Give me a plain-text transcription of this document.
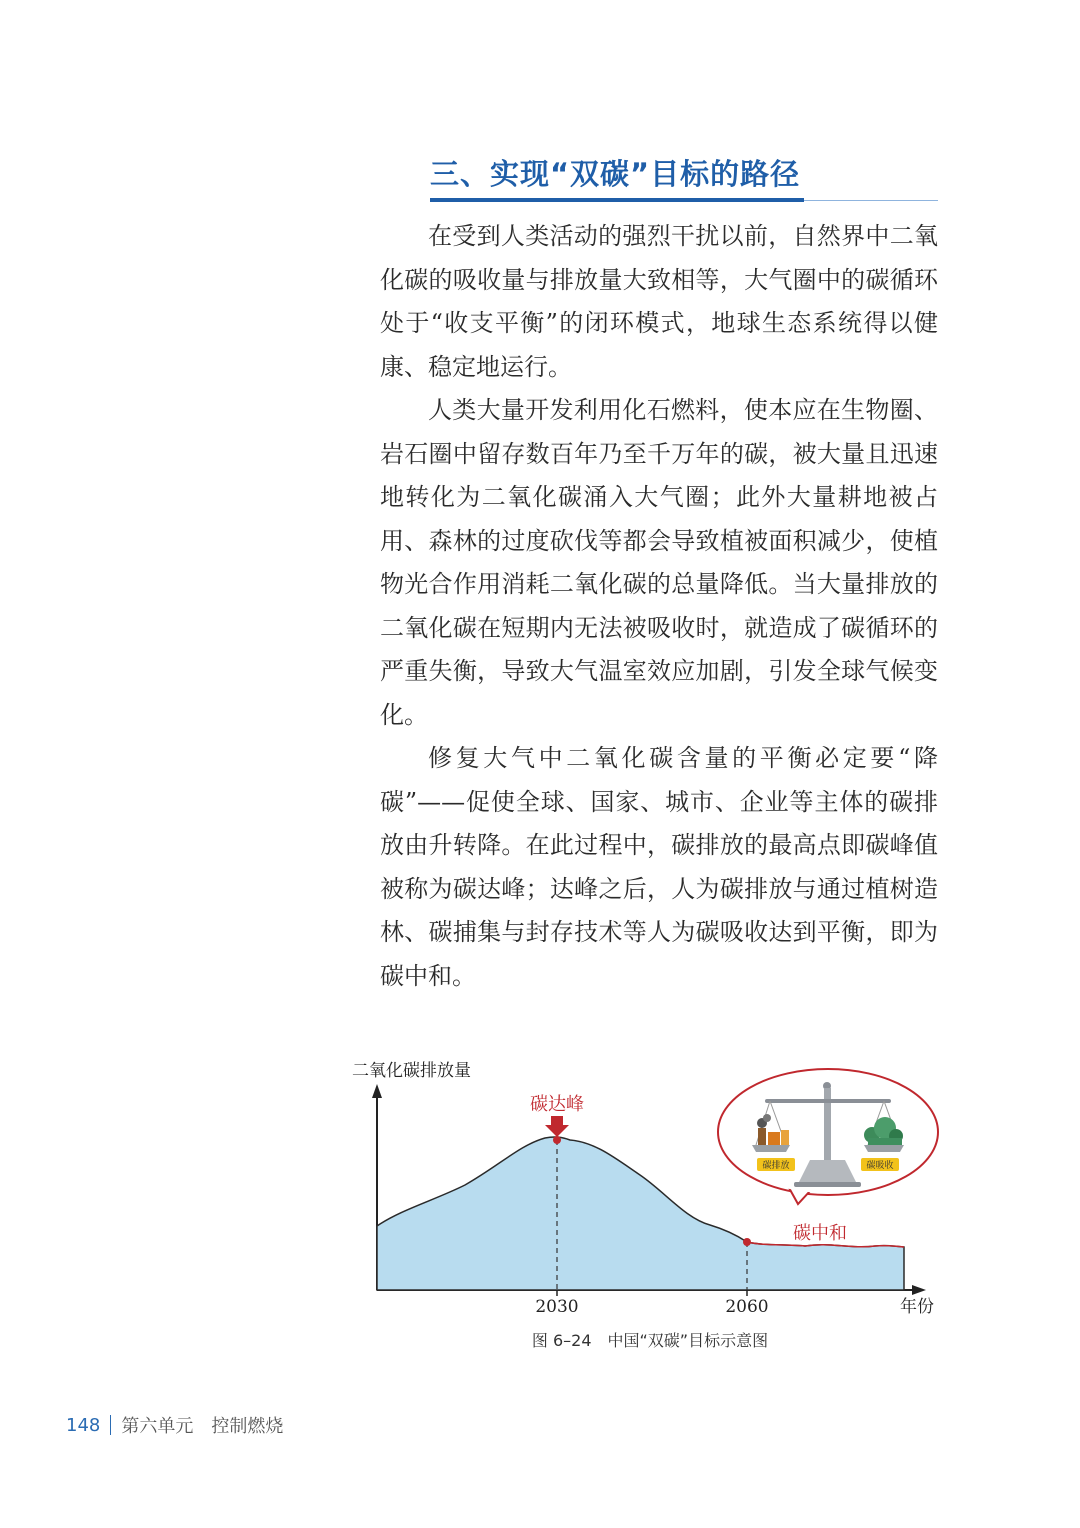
三、实现“双碳”目标的路径

在受到人类活动的强烈干扰以前，自然界中二氧化碳的吸收量与排放量大致相等，大气圈中的碳循环处于“收支平衡”的闭环模式，地球生态系统得以健康、稳定地运行。

人类大量开发利用化石燃料，使本应在生物圈、岩石圈中留存数百年乃至千万年的碳，被大量且迅速地转化为二氧化碳涌入大气圈；此外大量耕地被占用、森林的过度砍伐等都会导致植被面积减少，使植物光合作用消耗二氧化碳的总量降低。当大量排放的二氧化碳在短期内无法被吸收时，就造成了碳循环的严重失衡，导致大气温室效应加剧，引发全球气候变化。

修复大气中二氧化碳含量的平衡必定要“降碳”——促使全球、国家、城市、企业等主体的碳排放由升转降。在此过程中，碳排放的最高点即碳峰值被称为碳达峰；达峰之后，人为碳排放与通过植树造林、碳捕集与封存技术等人为碳吸收达到平衡，即为碳中和。

二氧化碳排放量
年份
碳达峰
碳中和
2030	2060
碳排放	碳吸收
图 6–24　中国“双碳”目标示意图
148 第六单元 控制燃烧
